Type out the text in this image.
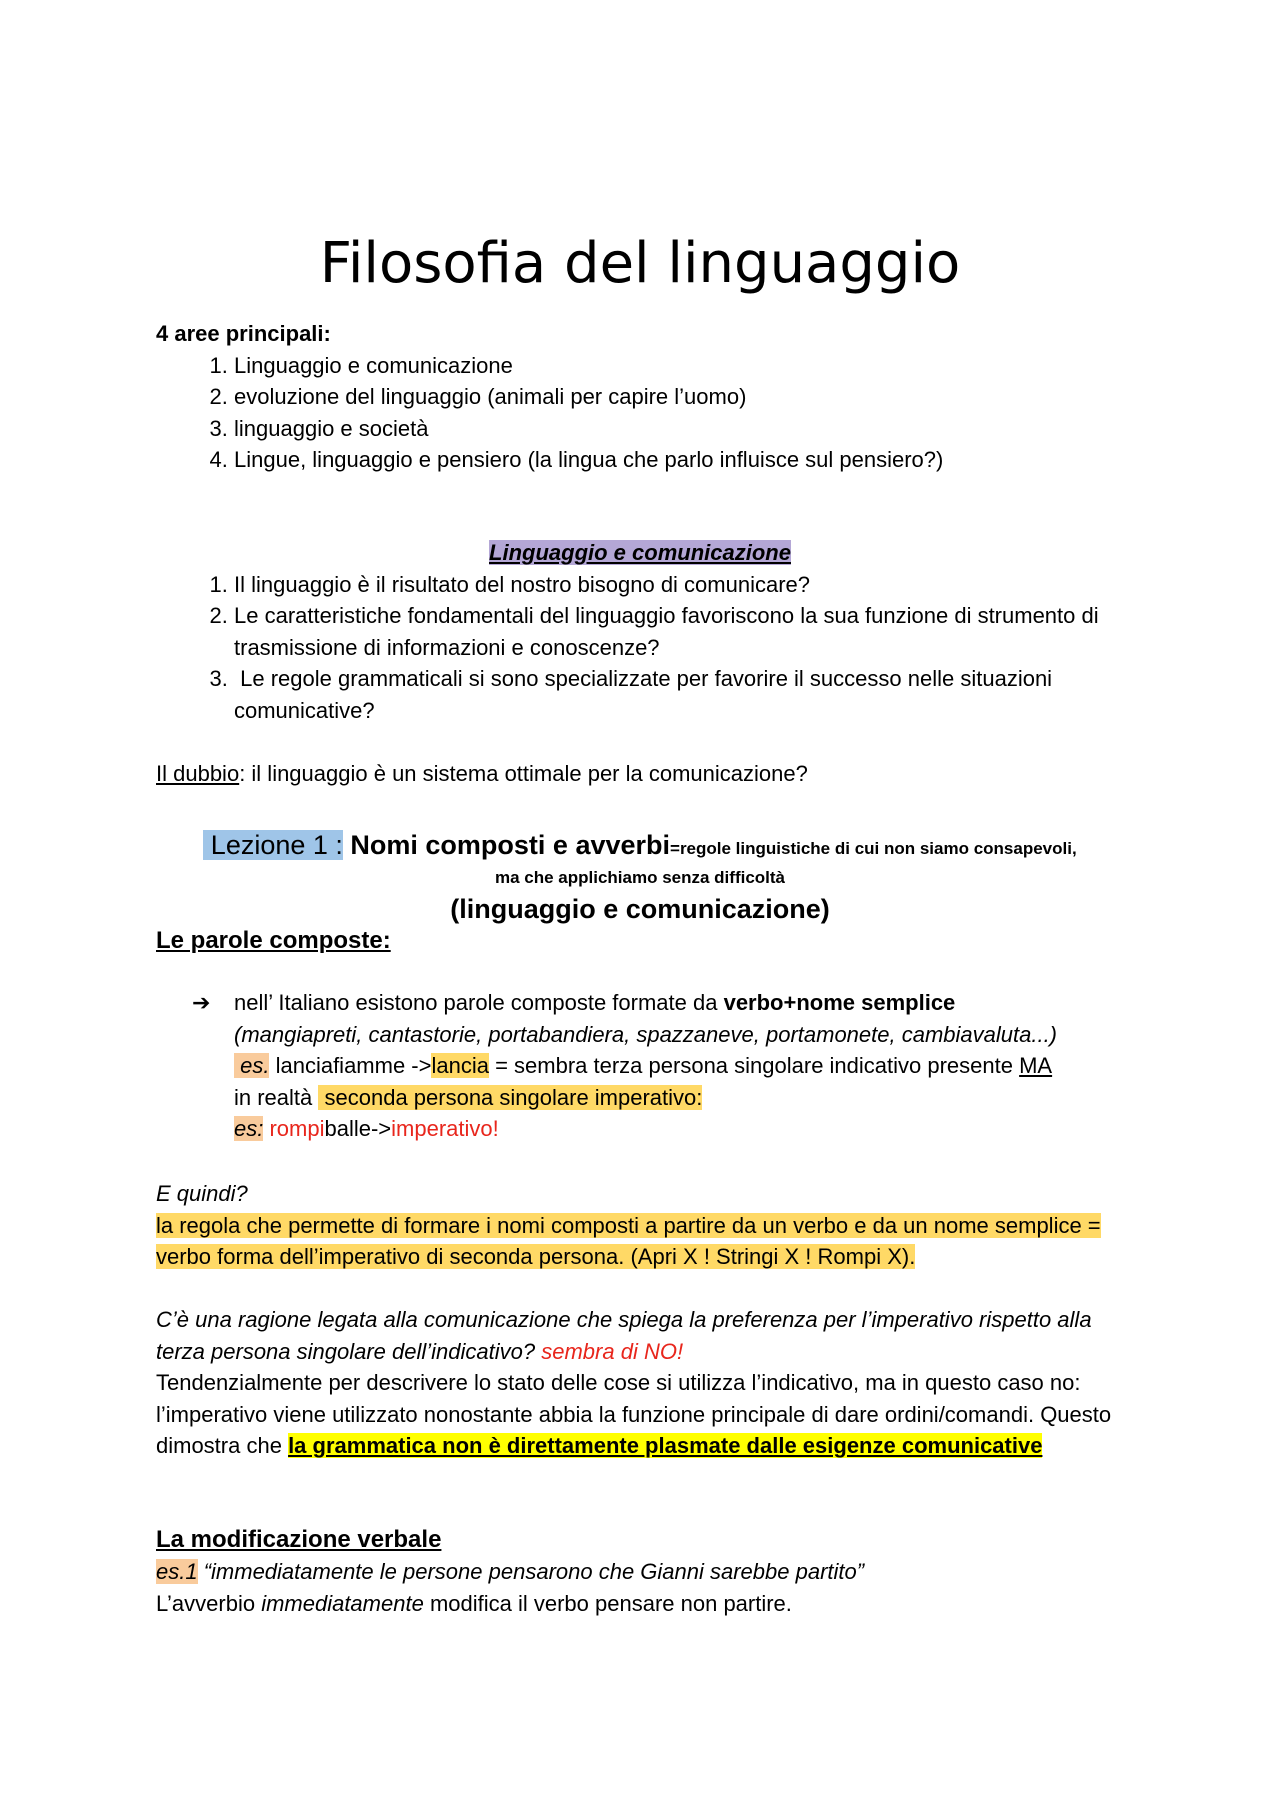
Filosofia del linguaggio

4 aree principali:

1. Linguaggio e comunicazione
2. evoluzione del linguaggio (animali per capire l’uomo)
3. linguaggio e società
4. Lingue, linguaggio e pensiero (la lingua che parlo influisce sul pensiero?)

Linguaggio e comunicazione

1. Il linguaggio è il risultato del nostro bisogno di comunicare?
2. Le caratteristiche fondamentali del linguaggio favoriscono la sua funzione di strumento di trasmissione di informazioni e conoscenze?
3.  Le regole grammaticali si sono specializzate per favorire il successo nelle situazioni comunicative?

Il dubbio: il linguaggio è un sistema ottimale per la comunicazione?

Lezione 1 : Nomi composti e avverbi=regole linguistiche di cui non siamo consapevoli,
ma che applichiamo senza difficoltà
(linguaggio e comunicazione)

Le parole composte:

➔ nell’ Italiano esistono parole composte formate da verbo+nome semplice
(mangiapreti, cantastorie, portabandiera, spazzaneve, portamonete, cambiavaluta...)
es. lanciafiamme ->lancia = sembra terza persona singolare indicativo presente MA
in realtà  seconda persona singolare imperativo:
es: rompiballe->imperativo!

E quindi?

la regola che permette di formare i nomi composti a partire da un verbo e da un nome semplice = verbo forma dell’imperativo di seconda persona. (Apri X ! Stringi X ! Rompi X).

C’è una ragione legata alla comunicazione che spiega la preferenza per l’imperativo rispetto alla terza persona singolare dell’indicativo? sembra di NO!

Tendenzialmente per descrivere lo stato delle cose si utilizza l’indicativo, ma in questo caso no: l’imperativo viene utilizzato nonostante abbia la funzione principale di dare ordini/comandi. Questo dimostra che la grammatica non è direttamente plasmate dalle esigenze comunicative

La modificazione verbale

es.1 “immediatamente le persone pensarono che Gianni sarebbe partito”

L’avverbio immediatamente modifica il verbo pensare non partire.
